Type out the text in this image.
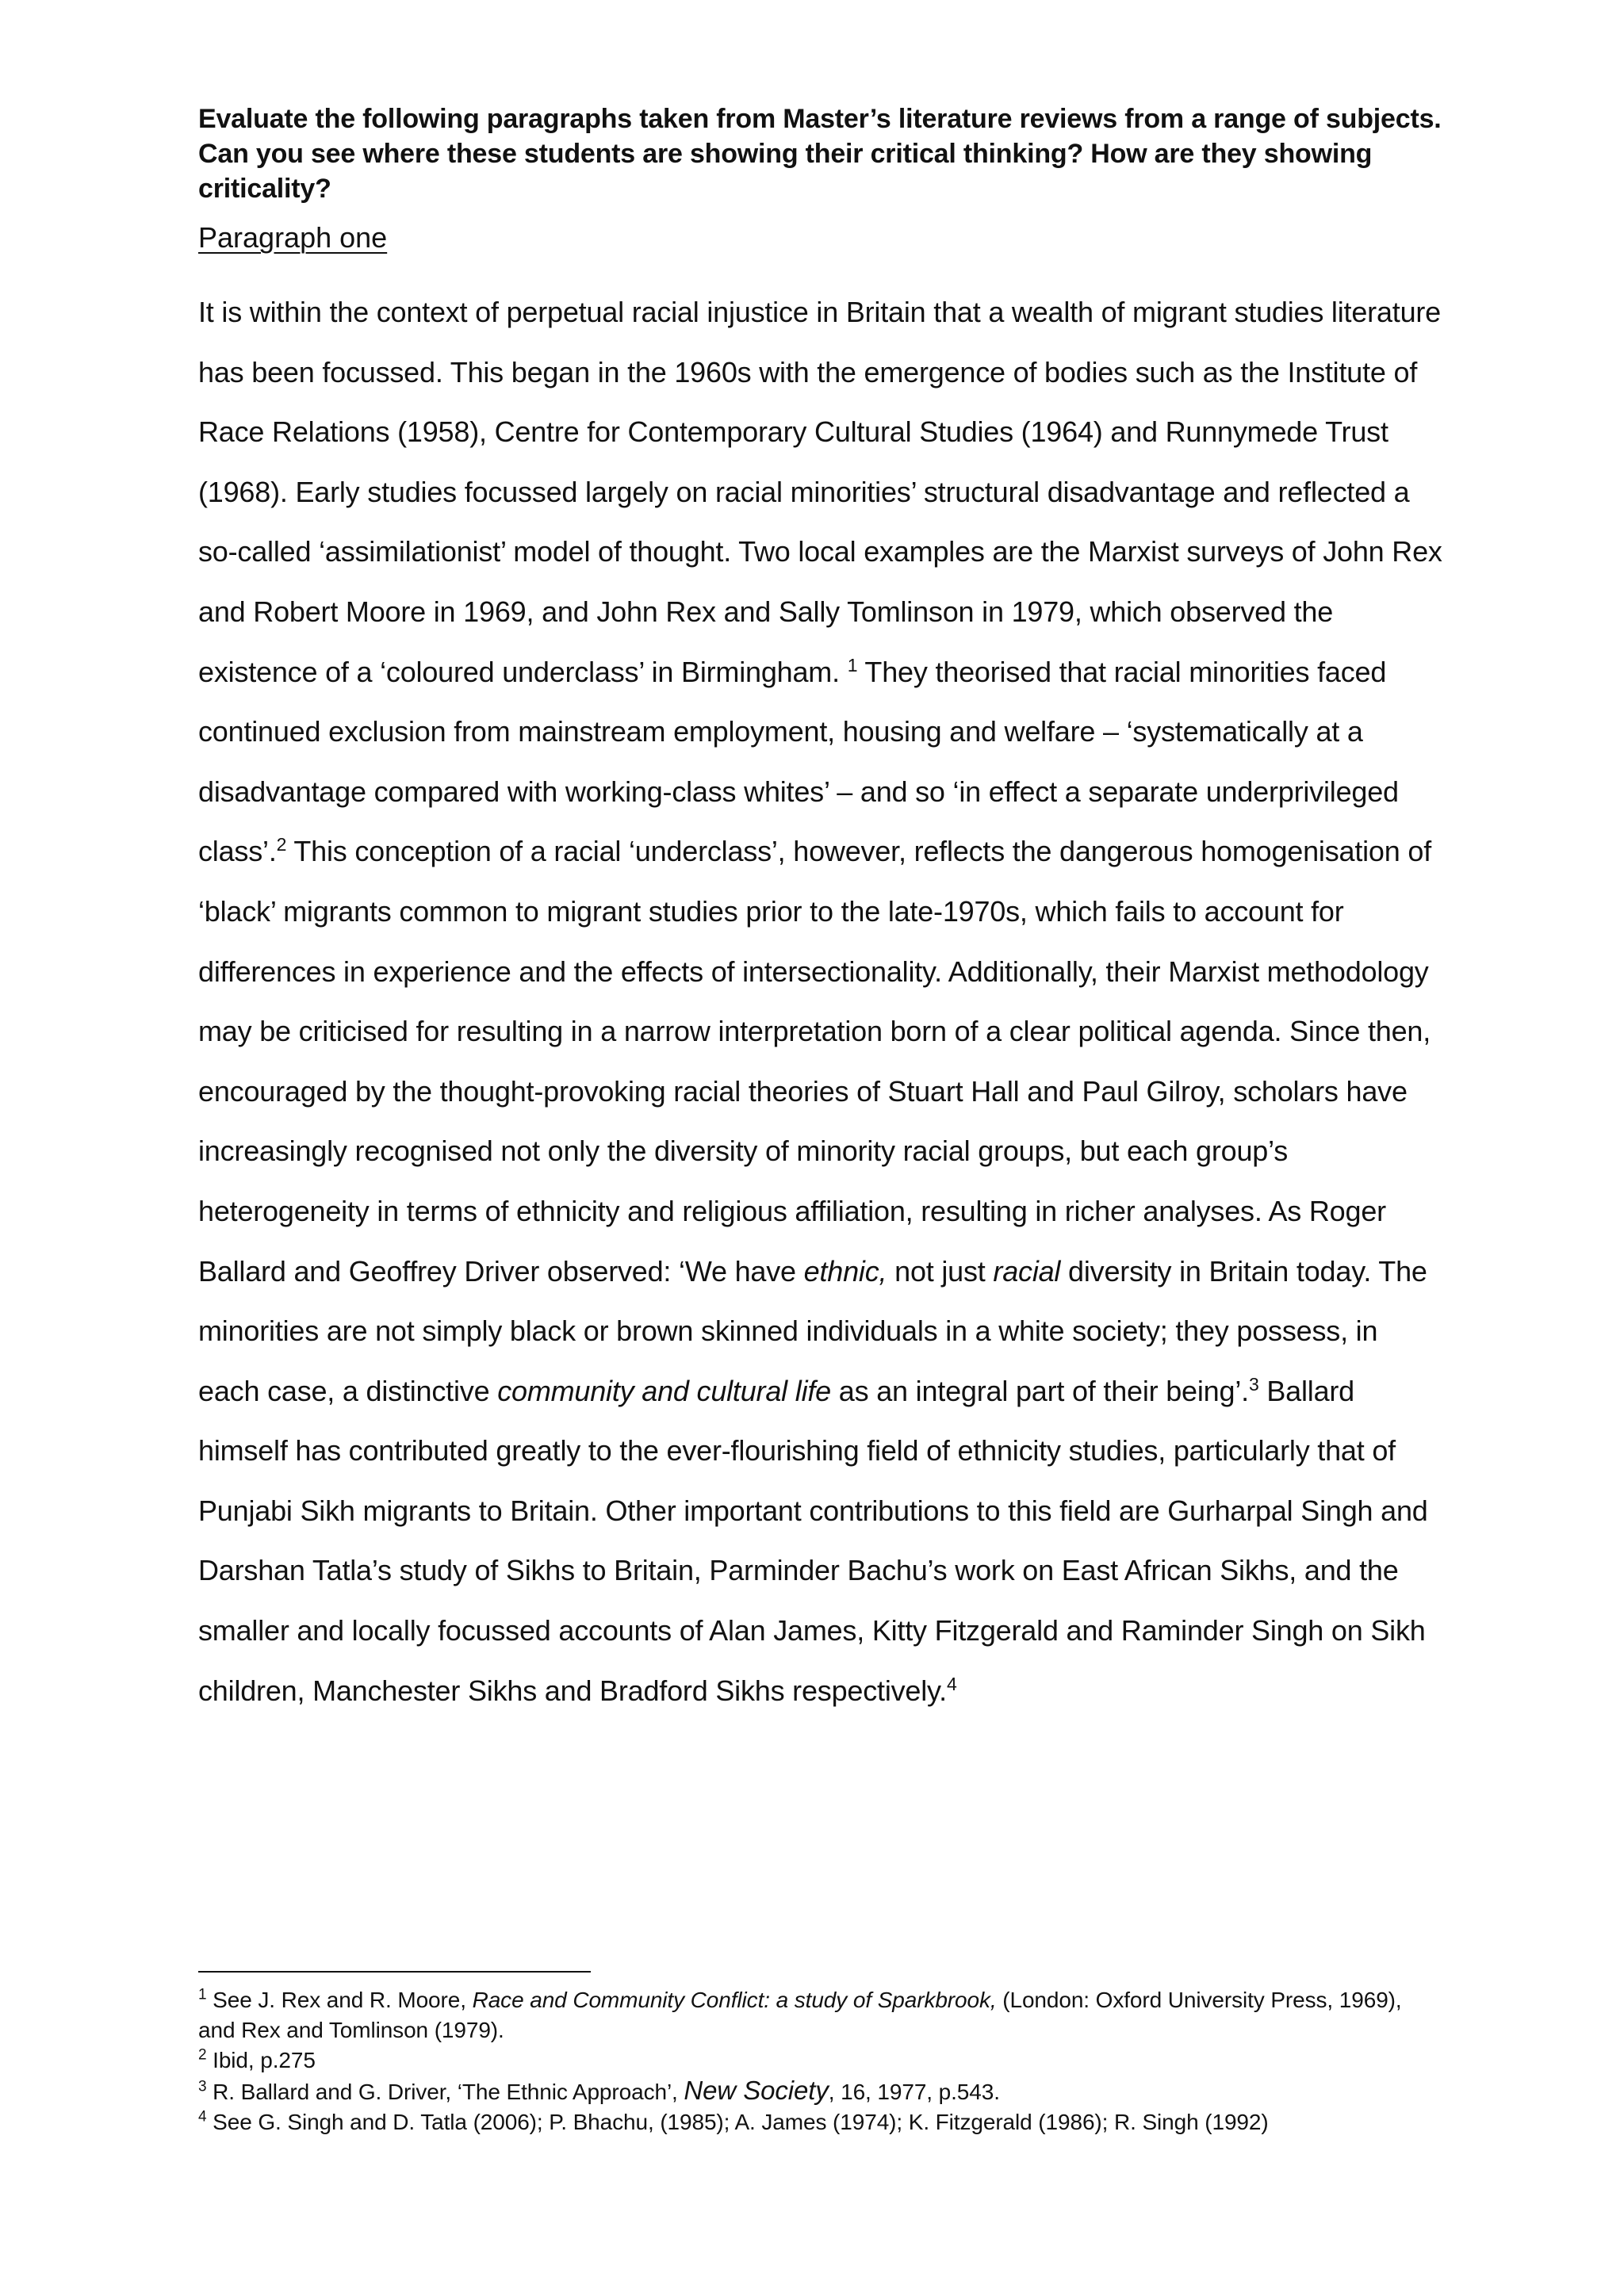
Evaluate the following paragraphs taken from Master’s literature reviews from a range of subjects. Can you see where these students are showing their critical thinking? How are they showing criticality?

Paragraph one

It is within the context of perpetual racial injustice in Britain that a wealth of migrant studies literature has been focussed. This began in the 1960s with the emergence of bodies such as the Institute of Race Relations (1958), Centre for Contemporary Cultural Studies (1964) and Runnymede Trust (1968). Early studies focussed largely on racial minorities’ structural disadvantage and reflected a so-called ‘assimilationist’ model of thought. Two local examples are the Marxist surveys of John Rex and Robert Moore in 1969, and John Rex and Sally Tomlinson in 1979, which observed the existence of a ‘coloured underclass’ in Birmingham. $^1$ They theorised that racial minorities faced continued exclusion from mainstream employment, housing and welfare – ‘systematically at a disadvantage compared with working-class whites’ – and so ‘in effect a separate underprivileged class’.$^2$ This conception of a racial ‘underclass’, however, reflects the dangerous homogenisation of ‘black’ migrants common to migrant studies prior to the late-1970s, which fails to account for differences in experience and the effects of intersectionality. Additionally, their Marxist methodology may be criticised for resulting in a narrow interpretation born of a clear political agenda. Since then, encouraged by the thought-provoking racial theories of Stuart Hall and Paul Gilroy, scholars have increasingly recognised not only the diversity of minority racial groups, but each group’s heterogeneity in terms of ethnicity and religious affiliation, resulting in richer analyses. As Roger Ballard and Geoffrey Driver observed: ‘We have ethnic, not just racial diversity in Britain today. The minorities are not simply black or brown skinned individuals in a white society; they possess, in each case, a distinctive community and cultural life as an integral part of their being’.$^3$ Ballard himself has contributed greatly to the ever-flourishing field of ethnicity studies, particularly that of Punjabi Sikh migrants to Britain. Other important contributions to this field are Gurharpal Singh and Darshan Tatla’s study of Sikhs to Britain, Parminder Bachu’s work on East African Sikhs, and the smaller and locally focussed accounts of Alan James, Kitty Fitzgerald and Raminder Singh on Sikh children, Manchester Sikhs and Bradford Sikhs respectively.$^4$

$^1$ See J. Rex and R. Moore, Race and Community Conflict: a study of Sparkbrook, (London: Oxford University Press, 1969), and Rex and Tomlinson (1979).

$^2$ Ibid, p.275

$^3$ R. Ballard and G. Driver, ‘The Ethnic Approach’, New Society, 16, 1977, p.543.

$^4$ See G. Singh and D. Tatla (2006); P. Bhachu, (1985); A. James (1974); K. Fitzgerald (1986); R. Singh (1992)
